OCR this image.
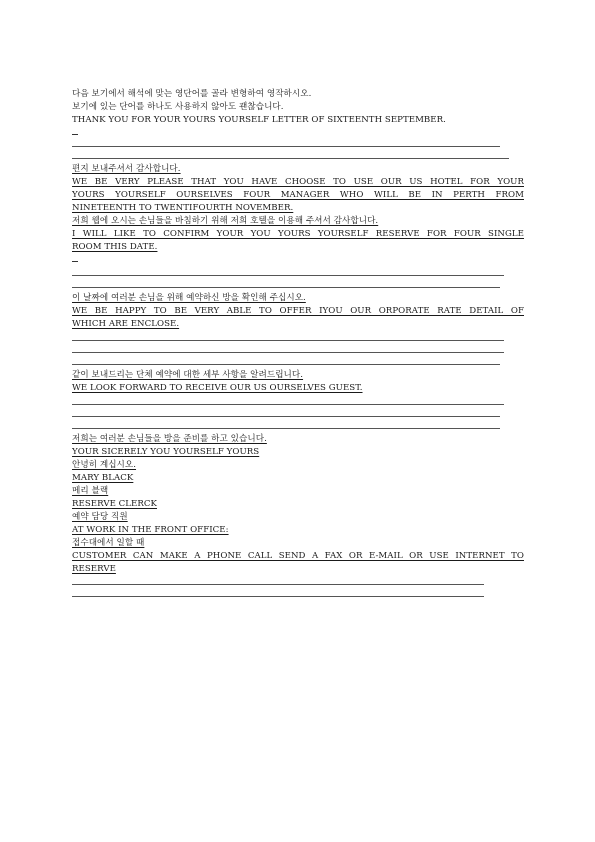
다음 보기에서 해석에 맞는 영단어를 골라 변형하여 영작하시오.
보기에 있는 단어를 하나도 사용하지 않아도 괜찮습니다.
THANK YOU FOR YOUR YOURS YOURSELF LETTER OF SIXTEENTH SEPTEMBER.
편지 보내주셔서 감사합니다.
WE BE VERY PLEASE THAT YOU HAVE CHOOSE TO USE OUR US HOTEL FOR YOUR
YOURS YOURSELF OURSELVES FOUR MANAGER WHO WILL BE IN PERTH FROM
NINETEENTH TO TWENTIFOURTH NOVEMBER.
저희 웹에 오시는 손님들을 바침하기 위해 저희 호텔을 이용해 주셔서 감사합니다.
I WILL LIKE TO CONFIRM YOUR YOU YOURS YOURSELF RESERVE FOR FOUR SINGLE
ROOM THIS DATE.
이 날짜에 여러분 손님을 위해 예약하신 방을 확인해 주십시오.
WE BE HAPPY TO BE VERY ABLE TO OFFER IYOU OUR ORPORATE RATE DETAIL OF
WHICH ARE ENCLOSE.
같이 보내드리는 단체 예약에 대한 세부 사항을 알려드립니다.
WE LOOK FORWARD TO RECEIVE OUR US OURSELVES GUEST.
저희는 여러분 손님들을 방을 준비를 하고 있습니다.
YOUR SICERELY YOU YOURSELF YOURS
안녕히 계십시오.
MARY BLACK
메리 블랙
RESERVE CLERCK
예약 담당 직원
AT WORK IN THE FRONT OFFICE:
접수대에서 일할 때
CUSTOMER CAN MAKE A PHONE CALL SEND A FAX OR E-MAIL OR USE INTERNET TO
RESERVE
